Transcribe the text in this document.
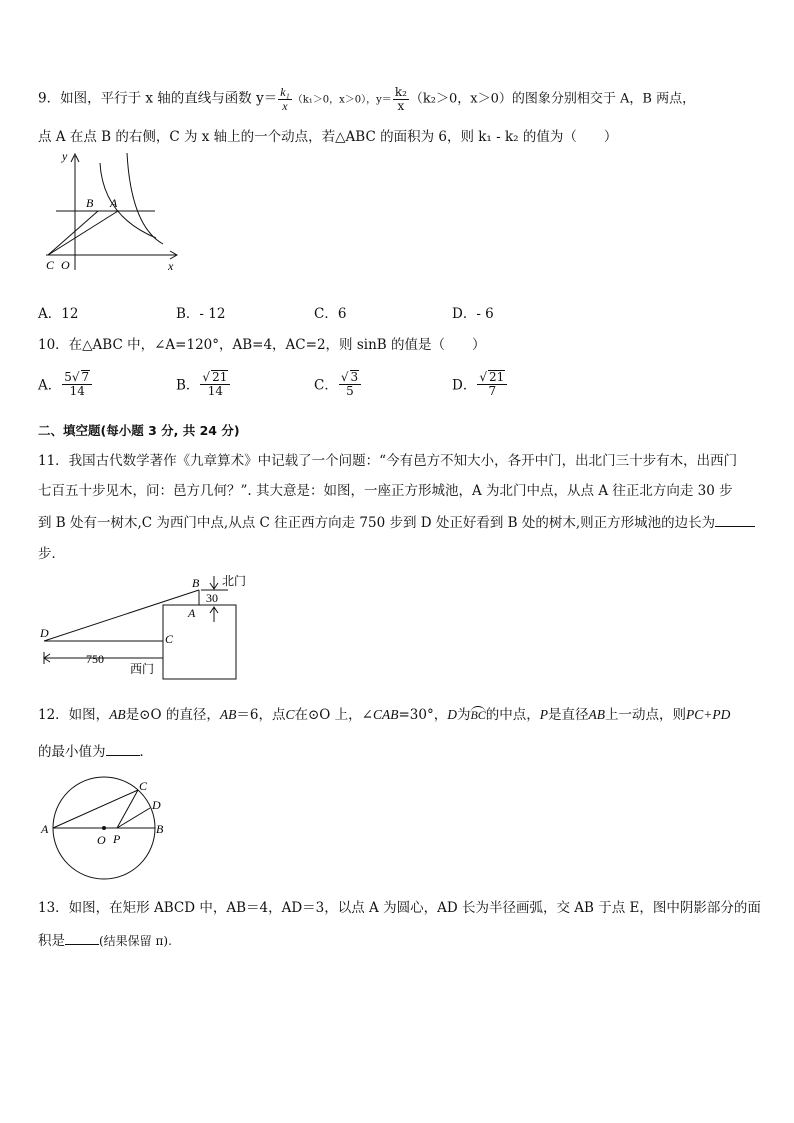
9．如图，平行于 x 轴的直线与函数 $y= \frac{\text{k₁}}{x} (k_1>0$，x＞0），$y= \frac{\text{k₂}}{x} (k_2>0$，x＞0）的图象分别相交于 A，B 两点，
点 A 在点 B 的右侧，C 为 x 轴上的一个动点，若△ABC 的面积为 6，则 k₁ - k₂ 的值为（　　）
y
B A
C O	x
A．12	B．- 12	C．6	D．- 6
10．在△ABC 中，∠A=120°，AB=4，AC=2，则 sinB 的值是（　　）
A． $\frac{5√ 7}{14}$	B． $\frac{√ 21}{14}$	C． $\frac{√ 3}{5}$	D． $\frac{√ 21}{7}$
二、填空题(每小题 3 分, 共 24 分)
11．我国古代数学著作《九章算术》中记载了一个问题：“今有邑方不知大小，各开中门，出北门三十步有木，出西门
七百五十步见木，问：邑方几何？”. 其大意是：如图，一座正方形城池，A 为北门中点，从点 A 往正北方向走 30 步
到 B 处有一树木,C 为西门中点,从点 C 往正西方向走 750 步到 D 处正好看到 B 处的树木,则正方形城池的边长为
步．
B 北门
30
A
D	C
750
西门
12．如图，AB是⊙O 的直径，AB＝6，点C在⊙O 上，∠CAB=30°，D为BC的中点，P是直径AB上一动点，则PC+PD
的最小值为	．
A	B
C
D
O P
13．如图，在矩形 ABCD 中，AB＝4，AD＝3，以点 A 为圆心，AD 长为半径画弧，交 AB 于点 E，图中阴影部分的面
积是	(结果保留 π).
